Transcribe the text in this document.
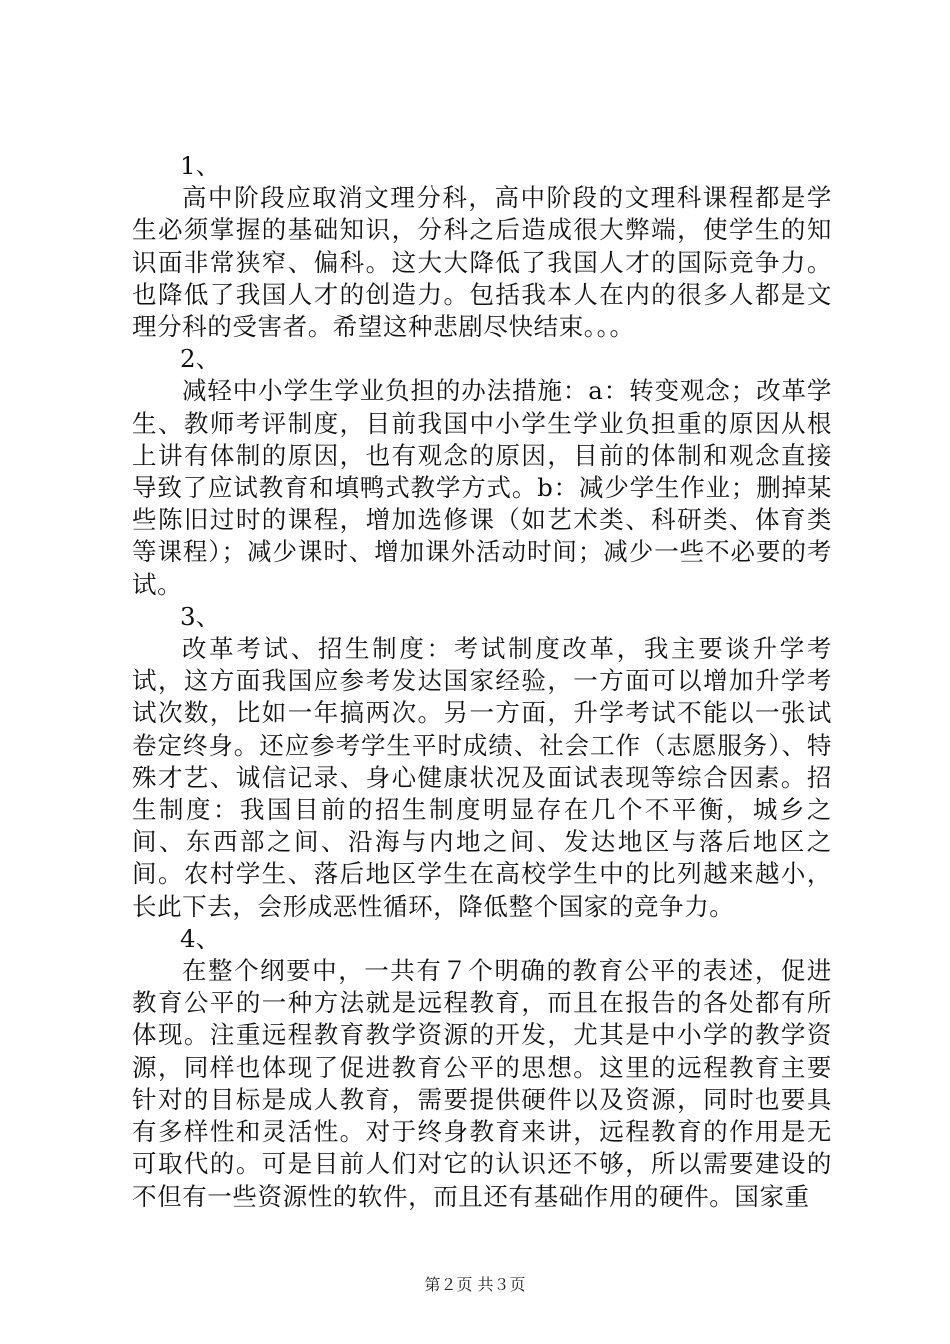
1、

高中阶段应取消文理分科，高中阶段的文理科课程都是学生必须掌握的基础知识，分科之后造成很大弊端，使学生的知识面非常狭窄、偏科。这大大降低了我国人才的国际竞争力。也降低了我国人才的创造力。包括我本人在内的很多人都是文理分科的受害者。希望这种悲剧尽快结束。。。

2、

减轻中小学生学业负担的办法措施：a：转变观念；改革学生、教师考评制度，目前我国中小学生学业负担重的原因从根上讲有体制的原因，也有观念的原因，目前的体制和观念直接导致了应试教育和填鸭式教学方式。b：减少学生作业；删掉某些陈旧过时的课程，增加选修课（如艺术类、科研类、体育类等课程）；减少课时、增加课外活动时间；减少一些不必要的考试。

3、

改革考试、招生制度：考试制度改革，我主要谈升学考试，这方面我国应参考发达国家经验，一方面可以增加升学考试次数，比如一年搞两次。另一方面，升学考试不能以一张试卷定终身。还应参考学生平时成绩、社会工作（志愿服务）、特殊才艺、诚信记录、身心健康状况及面试表现等综合因素。招生制度：我国目前的招生制度明显存在几个不平衡，城乡之间、东西部之间、沿海与内地之间、发达地区与落后地区之间。农村学生、落后地区学生在高校学生中的比列越来越小，长此下去，会形成恶性循环，降低整个国家的竞争力。

4、

在整个纲要中，一共有７个明确的教育公平的表述，促进教育公平的一种方法就是远程教育，而且在报告的各处都有所体现。注重远程教育教学资源的开发，尤其是中小学的教学资源，同样也体现了促进教育公平的思想。这里的远程教育主要针对的目标是成人教育，需要提供硬件以及资源，同时也要具有多样性和灵活性。对于终身教育来讲，远程教育的作用是无可取代的。可是目前人们对它的认识还不够，所以需要建设的不但有一些资源性的软件，而且还有基础作用的硬件。国家重

第２页 共３页
